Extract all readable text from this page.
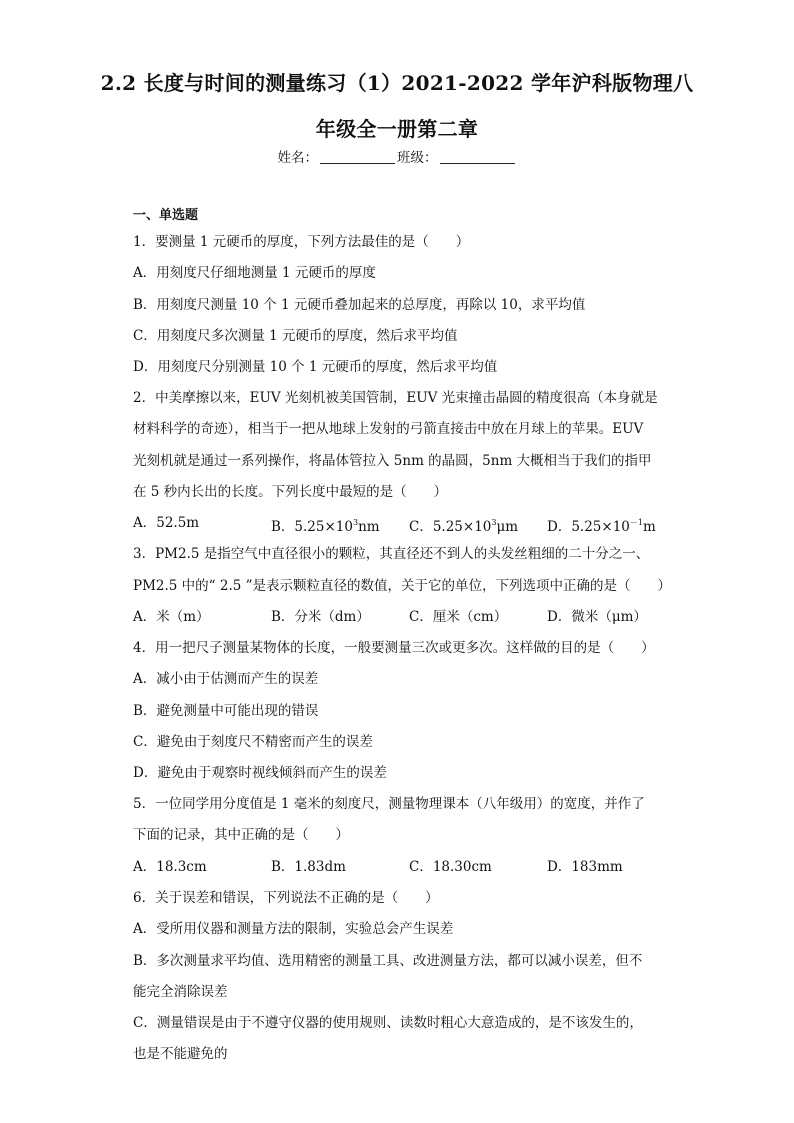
2.2 长度与时间的测量练习（1）2021-2022 学年沪科版物理八
年级全一册第二章
姓名：	班级：
一、单选题
1．要测量 1 元硬币的厚度，下列方法最佳的是（　　）
A．用刻度尺仔细地测量 1 元硬币的厚度
B．用刻度尺测量 10 个 1 元硬币叠加起来的总厚度，再除以 10，求平均值
C．用刻度尺多次测量 1 元硬币的厚度，然后求平均值
D．用刻度尺分别测量 10 个 1 元硬币的厚度，然后求平均值
2．中美摩擦以来，EUV 光刻机被美国管制，EUV 光束撞击晶圆的精度很高（本身就是
材料科学的奇迹），相当于一把从地球上发射的弓箭直接击中放在月球上的苹果。EUV
光刻机就是通过一系列操作，将晶体管拉入 5nm 的晶圆，5nm 大概相当于我们的指甲
在 5 秒内长出的长度。下列长度中最短的是（　　）
A．52.5m	B．$5.25\times 10^3nm$ C．$5.25\times 10^3\mu m$ D．$5.25\times 10^{-1}m$
3．PM2.5 是指空气中直径很小的颗粒，其直径还不到人的头发丝粗细的二十分之一、
PM2.5 中的“ 2.5 ”是表示颗粒直径的数值，关于它的单位，下列选项中正确的是（　　）
A．米（m）	B．分米（dm）	C．厘米（cm）	D．微米（μm）
4．用一把尺子测量某物体的长度，一般要测量三次或更多次。这样做的目的是（　　）
A．减小由于估测而产生的误差
B．避免测量中可能出现的错误
C．避免由于刻度尺不精密而产生的误差
D．避免由于观察时视线倾斜而产生的误差
5．一位同学用分度值是 1 毫米的刻度尺，测量物理课本（八年级用）的宽度，并作了
下面的记录，其中正确的是（　　）
A．18.3cm	B．1.83dm	C．18.30cm	D．183mm
6．关于误差和错误，下列说法不正确的是（　　）
A．受所用仪器和测量方法的限制，实验总会产生误差
B．多次测量求平均值、选用精密的测量工具、改进测量方法，都可以减小误差，但不
能完全消除误差
C．测量错误是由于不遵守仪器的使用规则、读数时粗心大意造成的，是不该发生的，
也是不能避免的
